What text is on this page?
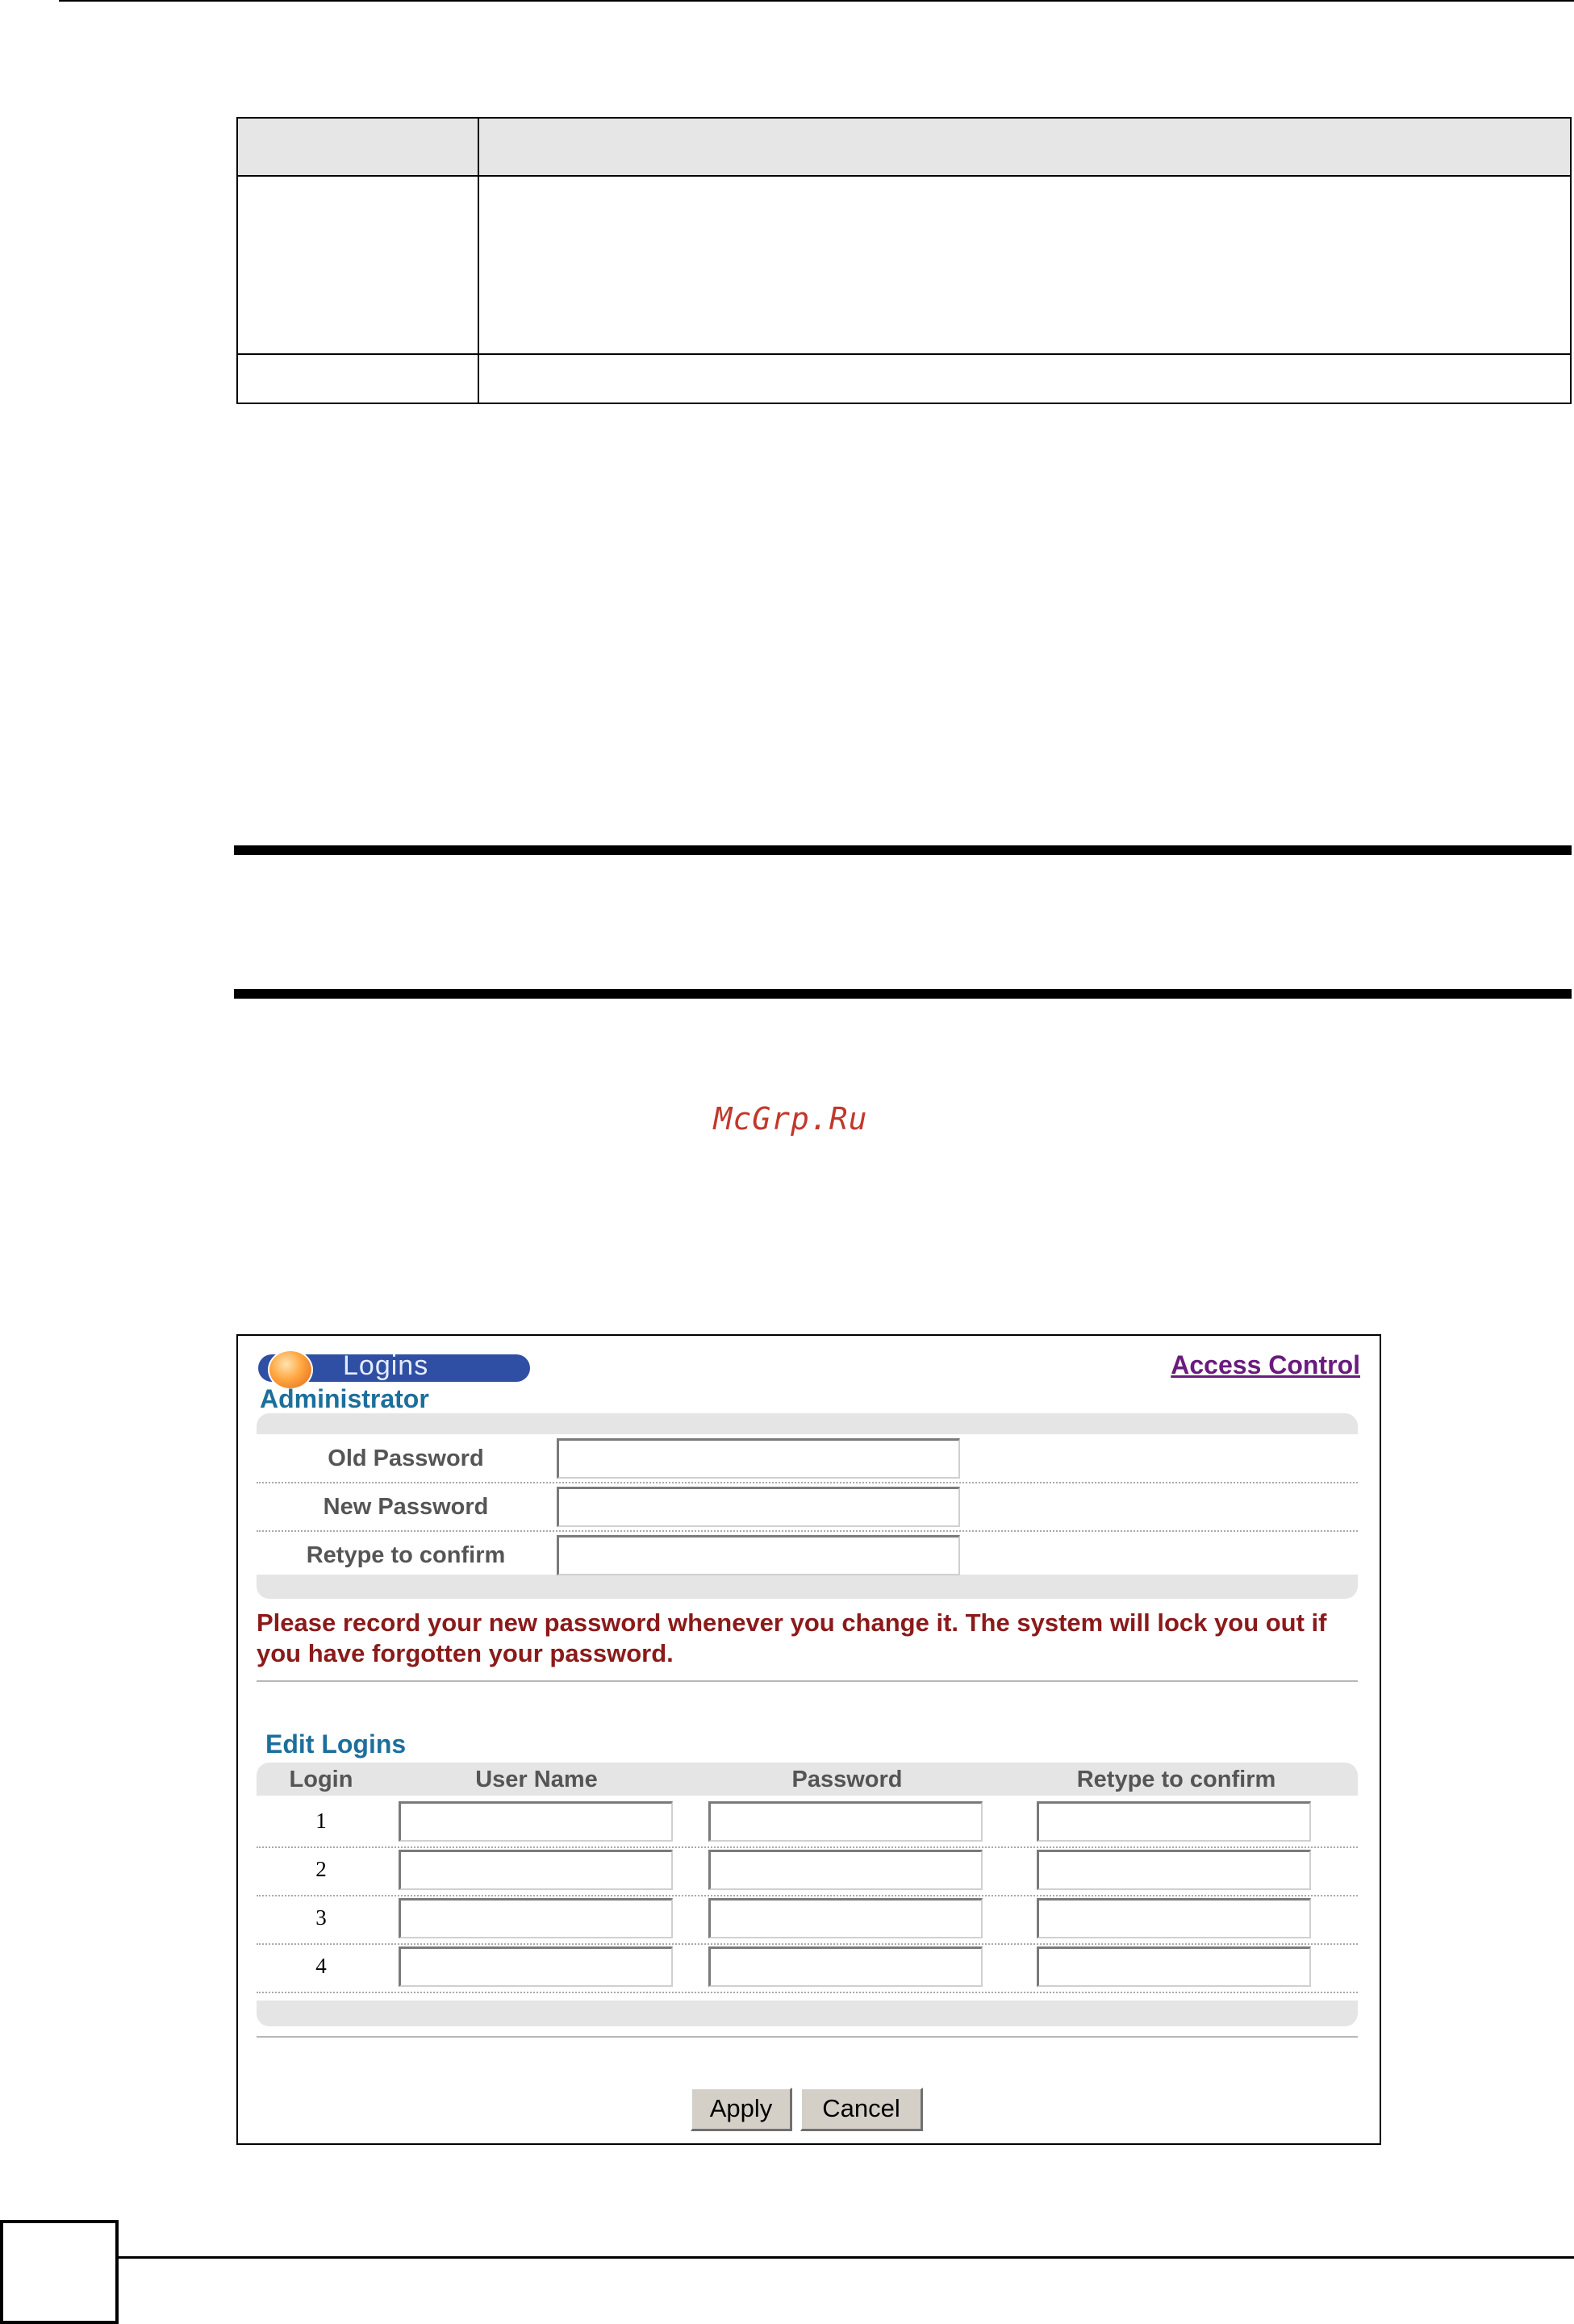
McGrp.Ru
Logins	Access Control
Administrator
Old Password
New Password
Retype to confirm
Please record your new password whenever you change it. The system will lock you out if you have forgotten your password.
Edit Logins
Login	User Name	Password	Retype to confirm
1
2
3
4
Apply	Cancel
